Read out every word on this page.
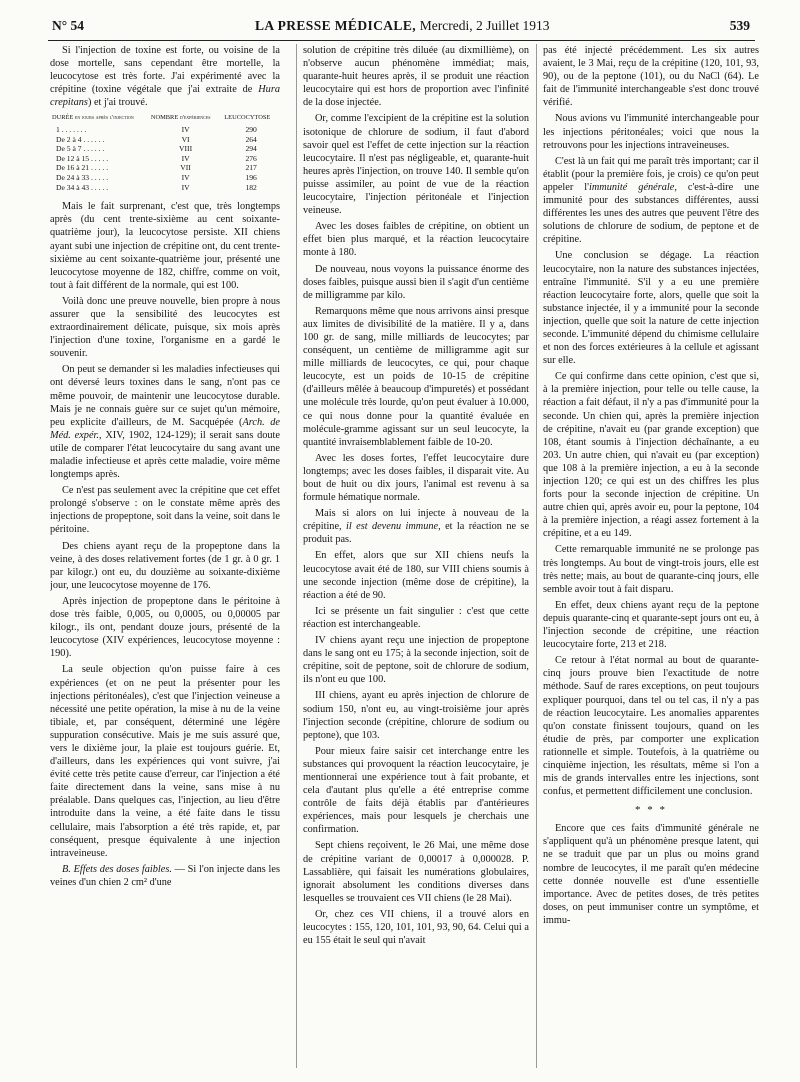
N° 54	LA PRESSE MÉDICALE, Mercredi, 2 Juillet 1913	539

Si l'injection de toxine est forte, ou voisine de la dose mortelle, sans cependant être mortelle, la leucocytose est très forte. J'ai expérimenté avec la crépitine (toxine végétale que j'ai extraite de Hura crepitans) et j'ai trouvé.

DURÉE en jours après l'injection	NOMBRE d'expériences	LEUCOCYTOSE
1 . . . . . . .	IV	290
De 2 à 4 . . . . . .	VI	264
De 5 à 7 . . . . . .	VIII	294
De 12 à 15 . . . . .	IV	276
De 16 à 21 . . . . .	VII	217
De 24 à 33 . . . . .	IV	196
De 34 à 43 . . . . .	IV	182

Mais le fait surprenant, c'est que, très longtemps après (du cent trente-sixième au cent soixante-quatrième jour), la leucocytose persiste. XII chiens ayant subi une injection de crépitine ont, du cent trente-sixième au cent soixante-quatrième jour, présenté une leucocytose moyenne de 182, chiffre, comme on voit, tout à fait différent de la normale, qui est 100.

Voilà donc une preuve nouvelle, bien propre à nous assurer que la sensibilité des leucocytes est extraordinairement délicate, puisque, six mois après l'injection d'une toxine, l'organisme en a gardé le souvenir.

On peut se demander si les maladies infectieuses qui ont déversé leurs toxines dans le sang, n'ont pas ce même pouvoir, de maintenir une leucocytose durable. Mais je ne connais guère sur ce sujet qu'un mémoire, peu explicite d'ailleurs, de M. Sacquépée (Arch. de Méd. expér., XIV, 1902, 124-129); il serait sans doute utile de comparer l'état leucocytaire du sang avant une maladie infectieuse et après cette maladie, voire même longtemps après.

Ce n'est pas seulement avec la crépitine que cet effet prolongé s'observe : on le constate même après des injections de propeptone, soit dans la veine, soit dans le péritoine.

Des chiens ayant reçu de la propeptone dans la veine, à des doses relativement fortes (de 1 gr. à 0 gr. 1 par kilogr.) ont eu, du douzième au soixante-dixième jour, une leucocytose moyenne de 176.

Après injection de propeptone dans le péritoine à dose très faible, 0,005, ou 0,0005, ou 0,00005 par kilogr., ils ont, pendant douze jours, présenté de la leucocytose (XIV expériences, leucocytose moyenne : 190).

La seule objection qu'on puisse faire à ces expériences (et on ne peut la présenter pour les injections péritonéales), c'est que l'injection veineuse a nécessité une petite opération, la mise à nu de la veine tibiale, et, par conséquent, déterminé une légère suppuration consécutive. Mais je me suis assuré que, vers le dixième jour, la plaie est toujours guérie. Et, d'ailleurs, dans les expériences qui vont suivre, j'ai évité cette très petite cause d'erreur, car l'injection a été faite directement dans la veine, sans mise à nu préalable. Dans quelques cas, l'injection, au lieu d'être introduite dans la veine, a été faite dans le tissu cellulaire, mais l'absorption a été très rapide, et, par conséquent, presque équivalente à une injection intraveineuse.

B. Effets des doses faibles. — Si l'on injecte dans les veines d'un chien 2 cm² d'une

solution de crépitine très diluée (au dixmillième), on n'observe aucun phénomène immédiat; mais, quarante-huit heures après, il se produit une réaction leucocytaire qui est hors de proportion avec l'infinité de la dose injectée.

Or, comme l'excipient de la crépitine est la solution isotonique de chlorure de sodium, il faut d'abord savoir quel est l'effet de cette injection sur la réaction leucocytaire. Il n'est pas négligeable, et, quarante-huit heures après l'injection, on trouve 140. Il semble qu'on puisse assimiler, au point de vue de la réaction leucocytaire, l'injection péritonéale et l'injection veineuse.

Avec les doses faibles de crépitine, on obtient un effet bien plus marqué, et la réaction leucocytaire monte à 180.

De nouveau, nous voyons la puissance énorme des doses faibles, puisque aussi bien il s'agit d'un centième de milligramme par kilo.

Remarquons même que nous arrivons ainsi presque aux limites de divisibilité de la matière. Il y a, dans 100 gr. de sang, mille milliards de leucocytes; par conséquent, un centième de milligramme agit sur mille milliards de leucocytes, ce qui, pour chaque leucocyte, est un poids de 10-15 de crépitine (d'ailleurs mêlée à beaucoup d'impuretés) et possédant une molécule très lourde, qu'on peut évaluer à 10.000, ce qui nous donne pour la quantité évaluée en molécule-gramme agissant sur un seul leucocyte, la quantité invraisemblablement faible de 10-20.

Avec les doses fortes, l'effet leucocytaire dure longtemps; avec les doses faibles, il disparait vite. Au bout de huit ou dix jours, l'animal est revenu à sa formule hématique normale.

Mais si alors on lui injecte à nouveau de la crépitine, il est devenu immune, et la réaction ne se produit pas.

En effet, alors que sur XII chiens neufs la leucocytose avait été de 180, sur VIII chiens soumis à une seconde injection (même dose de crépitine), la réaction a été de 90.

Ici se présente un fait singulier : c'est que cette réaction est interchangeable.

IV chiens ayant reçu une injection de propeptone dans le sang ont eu 175; à la seconde injection, soit de crépitine, soit de peptone, soit de chlorure de sodium, ils n'ont eu que 100.

III chiens, ayant eu après injection de chlorure de sodium 150, n'ont eu, au vingt-troisième jour après l'injection seconde (crépitine, chlorure de sodium ou peptone), que 103.

Pour mieux faire saisir cet interchange entre les substances qui provoquent la réaction leucocytaire, je mentionnerai une expérience tout à fait probante, et cela d'autant plus qu'elle a été entreprise comme contrôle de faits déjà établis par d'antérieures expériences, mais pour lesquels je cherchais une confirmation.

Sept chiens reçoivent, le 26 Mai, une même dose de crépitine variant de 0,00017 à 0,000028. P. Lassablière, qui faisait les numérations globulaires, ignorait absolument les conditions diverses dans lesquelles se trouvaient ces VII chiens (le 28 Mai).

Or, chez ces VII chiens, il a trouvé alors en leucocytes : 155, 120, 101, 101, 93, 90, 64. Celui qui a eu 155 était le seul qui n'avait

pas été injecté précédemment. Les six autres avaient, le 3 Mai, reçu de la crépitine (120, 101, 93, 90), ou de la peptone (101), ou du NaCl (64). Le fait de l'immunité interchangeable s'est donc trouvé vérifié.

Nous avions vu l'immunité interchangeable pour les injections péritonéales; voici que nous la retrouvons pour les injections intraveineuses.

C'est là un fait qui me paraît très important; car il établit (pour la première fois, je crois) ce qu'on peut appeler l'immunité générale, c'est-à-dire une immunité pour des substances différentes, aussi différentes les unes des autres que peuvent l'être des solutions de chlorure de sodium, de peptone et de crépitine.

Une conclusion se dégage. La réaction leucocytaire, non la nature des substances injectées, entraîne l'immunité. S'il y a eu une première réaction leucocytaire forte, alors, quelle que soit la substance injectée, il y a immunité pour la seconde injection, quelle que soit la nature de cette injection seconde. L'immunité dépend du chimisme cellulaire et non des forces extérieures à la cellule et agissant sur elle.

Ce qui confirme dans cette opinion, c'est que si, à la première injection, pour telle ou telle cause, la réaction a fait défaut, il n'y a pas d'immunité pour la seconde. Un chien qui, après la première injection de crépitine, n'avait eu (par grande exception) que 108, étant soumis à l'injection déchaînante, a eu 203. Un autre chien, qui n'avait eu (par exception) que 108 à la première injection, a eu à la seconde injection 120; ce qui est un des chiffres les plus forts pour la seconde injection de crépitine. Un autre chien qui, après avoir eu, pour la peptone, 104 à la première injection, a réagi assez fortement à la crépitine, et a eu 149.

Cette remarquable immunité ne se prolonge pas très longtemps. Au bout de vingt-trois jours, elle est très nette; mais, au bout de quarante-cinq jours, elle semble avoir tout à fait disparu.

En effet, deux chiens ayant reçu de la peptone depuis quarante-cinq et quarante-sept jours ont eu, à l'injection seconde de crépitine, une réaction leucocytaire forte, 213 et 218.

Ce retour à l'état normal au bout de quarante-cinq jours prouve bien l'exactitude de notre méthode. Sauf de rares exceptions, on peut toujours expliquer pourquoi, dans tel ou tel cas, il n'y a pas de réaction leucocytaire. Les anomalies apparentes qu'on constate finissent toujours, quand on les étudie de près, par comporter une explication rationnelle et simple. Toutefois, à la quatrième ou cinquième injection, les résultats, même si l'on a mis de grands intervalles entre les injections, sont confus, et permettent difficilement une conclusion.

* * *

Encore que ces faits d'immunité générale ne s'appliquent qu'à un phénomène presque latent, qui ne se traduit que par un plus ou moins grand nombre de leucocytes, il me paraît qu'en médecine cette donnée nouvelle est d'une essentielle importance. Avec de petites doses, de très petites doses, on peut immuniser contre un symptôme, et immu-
